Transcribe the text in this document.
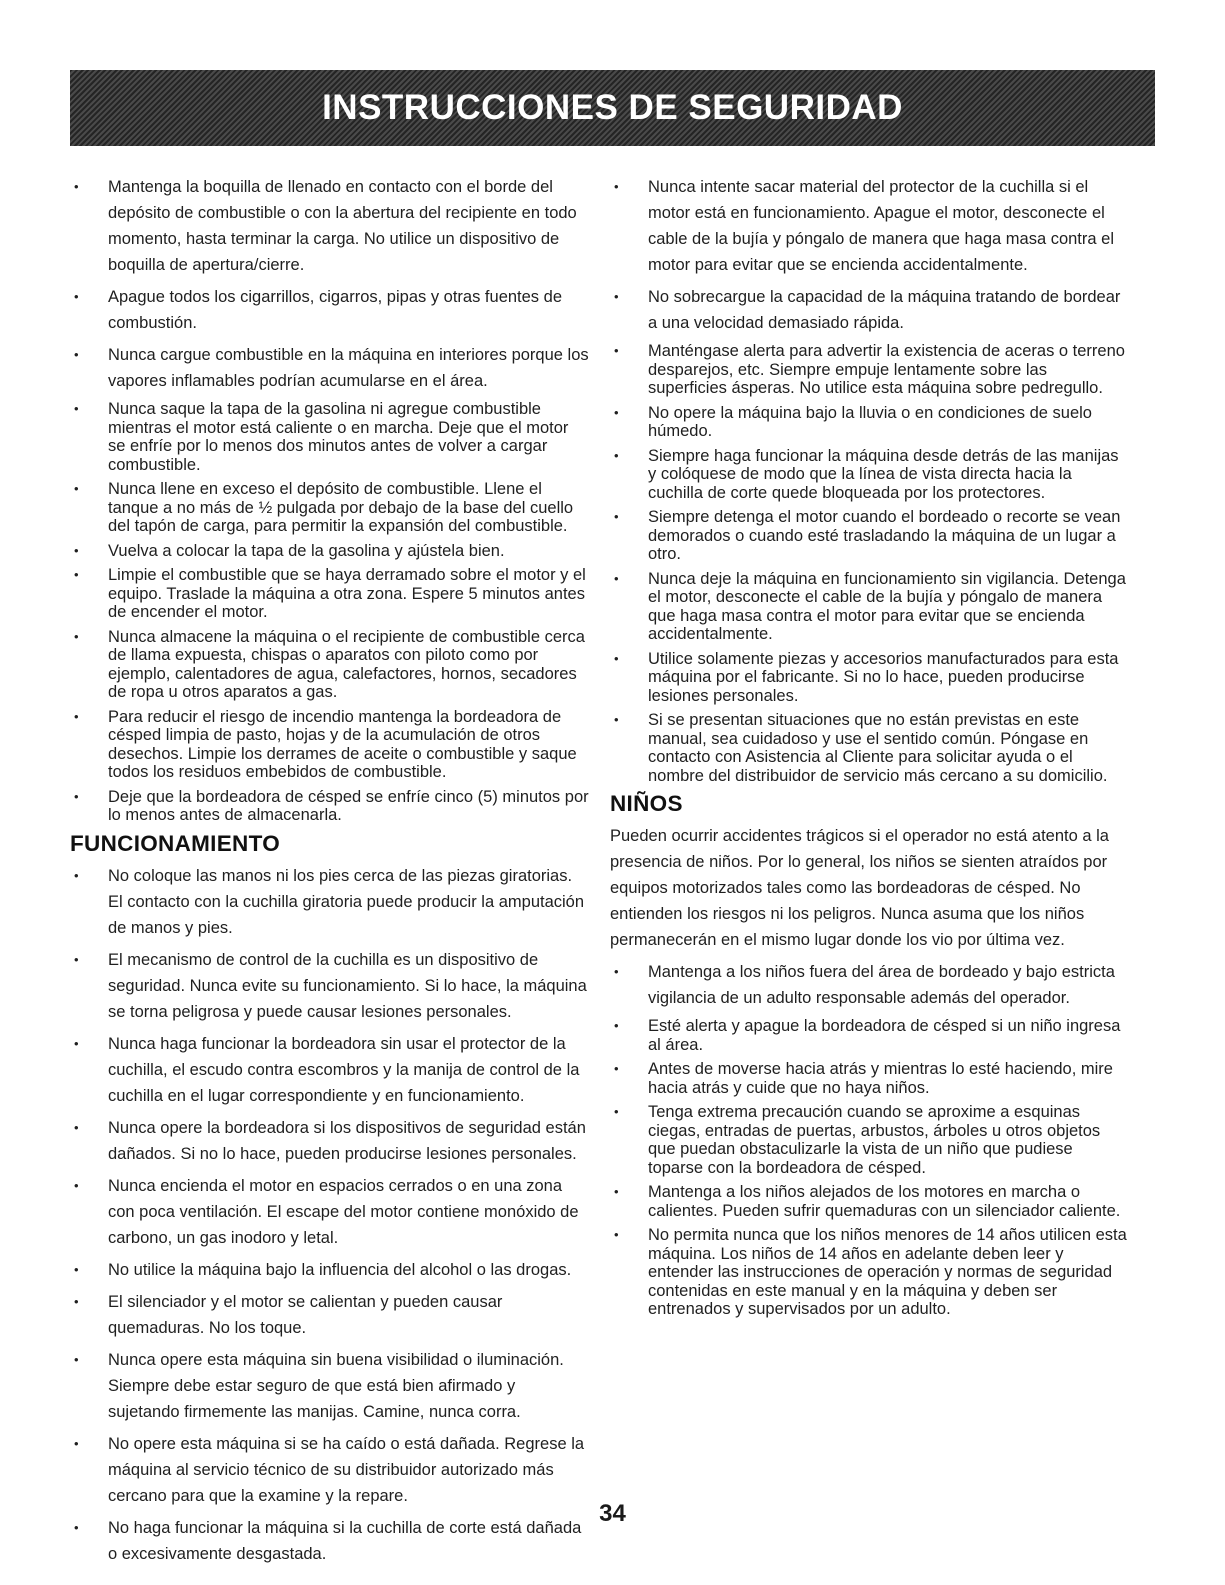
INSTRUCCIONES DE SEGURIDAD
• Mantenga la boquilla de llenado en contacto con el borde del depósito de combustible o con la abertura del recipiente en todo momento, hasta terminar la carga. No utilice un dispositivo de boquilla de apertura/cierre.
• Apague todos los cigarrillos, cigarros, pipas y otras fuentes de combustión.
• Nunca cargue combustible en la máquina en interiores porque los vapores inflamables podrían acumularse en el área.
• Nunca saque la tapa de la gasolina ni agregue combustible mientras el motor está caliente o en marcha. Deje que el motor se enfríe por lo menos dos minutos antes de volver a cargar combustible.
• Nunca llene en exceso el depósito de combustible. Llene el tanque a no más de ½ pulgada por debajo de la base del cuello del tapón de carga, para permitir la expansión del combustible.
• Vuelva a colocar la tapa de la gasolina y ajústela bien.
• Limpie el combustible que se haya derramado sobre el motor y el equipo. Traslade la máquina a otra zona. Espere 5 minutos antes de encender el motor.
• Nunca almacene la máquina o el recipiente de combustible cerca de llama expuesta, chispas o aparatos con piloto como por ejemplo, calentadores de agua, calefactores, hornos, secadores de ropa u otros aparatos a gas.
• Para reducir el riesgo de incendio mantenga la bordeadora de césped limpia de pasto, hojas y de la acumulación de otros desechos. Limpie los derrames de aceite o combustible y saque todos los residuos embebidos de combustible.
• Deje que la bordeadora de césped se enfríe cinco (5) minutos por lo menos antes de almacenarla.
FUNCIONAMIENTO
• No coloque las manos ni los pies cerca de las piezas giratorias. El contacto con la cuchilla giratoria puede producir la amputación de manos y pies.
• El mecanismo de control de la cuchilla es un dispositivo de seguridad. Nunca evite su funcionamiento. Si lo hace, la máquina se torna peligrosa y puede causar lesiones personales.
• Nunca haga funcionar la bordeadora sin usar el protector de la cuchilla, el escudo contra escombros y la manija de control de la cuchilla en el lugar correspondiente y en funcionamiento.
• Nunca opere la bordeadora si los dispositivos de seguridad están dañados. Si no lo hace, pueden producirse lesiones personales.
• Nunca encienda el motor en espacios cerrados o en una zona con poca ventilación. El escape del motor contiene monóxido de carbono, un gas inodoro y letal.
• No utilice la máquina bajo la influencia del alcohol o las drogas.
• El silenciador y el motor se calientan y pueden causar quemaduras. No los toque.
• Nunca opere esta máquina sin buena visibilidad o iluminación. Siempre debe estar seguro de que está bien afirmado y sujetando firmemente las manijas. Camine, nunca corra.
• No opere esta máquina si se ha caído o está dañada. Regrese la máquina al servicio técnico de su distribuidor autorizado más cercano para que la examine y la repare.
• No haga funcionar la máquina si la cuchilla de corte está dañada o excesivamente desgastada.
• Nunca intente sacar material del protector de la cuchilla si el motor está en funcionamiento. Apague el motor, desconecte el cable de la bujía y póngalo de manera que haga masa contra el motor para evitar que se encienda accidentalmente.
• No sobrecargue la capacidad de la máquina tratando de bordear a una velocidad demasiado rápida.
• Manténgase alerta para advertir la existencia de aceras o terreno desparejos, etc. Siempre empuje lentamente sobre las superficies ásperas. No utilice esta máquina sobre pedregullo.
• No opere la máquina bajo la lluvia o en condiciones de suelo húmedo.
• Siempre haga funcionar la máquina desde detrás de las manijas y colóquese de modo que la línea de vista directa hacia la cuchilla de corte quede bloqueada por los protectores.
• Siempre detenga el motor cuando el bordeado o recorte se vean demorados o cuando esté trasladando la máquina de un lugar a otro.
• Nunca deje la máquina en funcionamiento sin vigilancia. Detenga el motor, desconecte el cable de la bujía y póngalo de manera que haga masa contra el motor para evitar que se encienda accidentalmente.
• Utilice solamente piezas y accesorios manufacturados para esta máquina por el fabricante. Si no lo hace, pueden producirse lesiones personales.
• Si se presentan situaciones que no están previstas en este manual, sea cuidadoso y use el sentido común. Póngase en contacto con Asistencia al Cliente para solicitar ayuda o el nombre del distribuidor de servicio más cercano a su domicilio.
NIÑOS

Pueden ocurrir accidentes trágicos si el operador no está atento a la presencia de niños. Por lo general, los niños se sienten atraídos por equipos motorizados tales como las bordeadoras de césped. No entienden los riesgos ni los peligros. Nunca asuma que los niños permanecerán en el mismo lugar donde los vio por última vez.

• Mantenga a los niños fuera del área de bordeado y bajo estricta vigilancia de un adulto responsable además del operador.
• Esté alerta y apague la bordeadora de césped si un niño ingresa al área.
• Antes de moverse hacia atrás y mientras lo esté haciendo, mire hacia atrás y cuide que no haya niños.
• Tenga extrema precaución cuando se aproxime a esquinas ciegas, entradas de puertas, arbustos, árboles u otros objetos que puedan obstaculizarle la vista de un niño que pudiese toparse con la bordeadora de césped.
• Mantenga a los niños alejados de los motores en marcha o calientes. Pueden sufrir quemaduras con un silenciador caliente.
• No permita nunca que los niños menores de 14 años utilicen esta máquina. Los niños de 14 años en adelante deben leer y entender las instrucciones de operación y normas de seguridad contenidas en este manual y en la máquina y deben ser entrenados y supervisados por un adulto.
34
